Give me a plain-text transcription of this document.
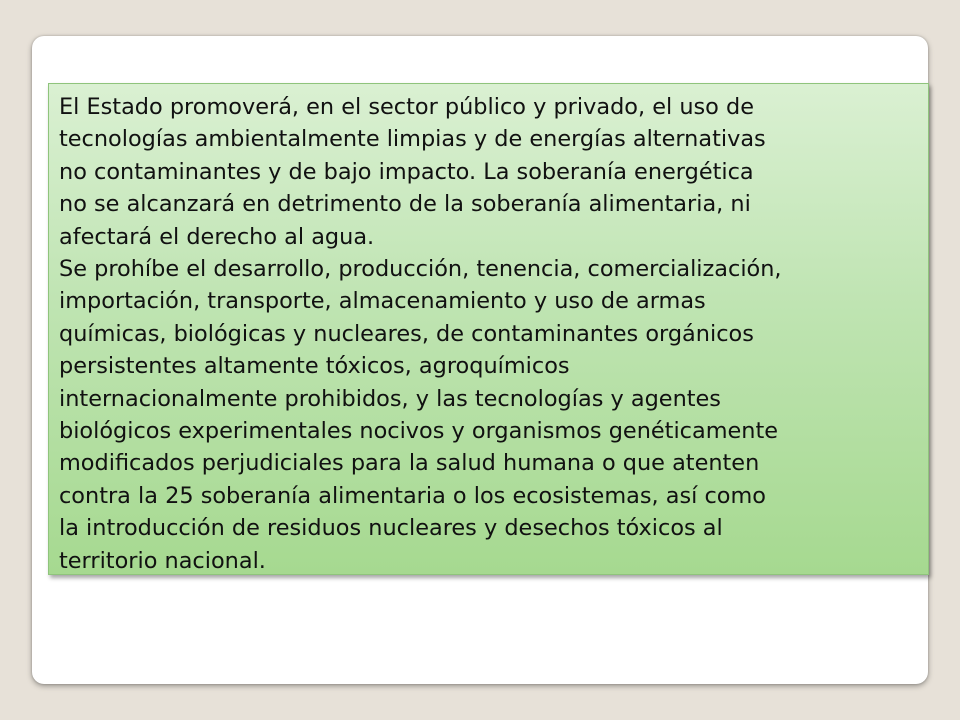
El Estado promoverá, en el sector público y privado, el uso de
tecnologías ambientalmente limpias y de energías alternativas
no contaminantes y de bajo impacto. La soberanía energética
no se alcanzará en detrimento de la soberanía alimentaria, ni
afectará el derecho al agua.

Se prohíbe el desarrollo, producción, tenencia, comercialización,
importación, transporte, almacenamiento y uso de armas
químicas, biológicas y nucleares, de contaminantes orgánicos
persistentes altamente tóxicos, agroquímicos
internacionalmente prohibidos, y las tecnologías y agentes
biológicos experimentales nocivos y organismos genéticamente
modificados perjudiciales para la salud humana o que atenten
contra la 25 soberanía alimentaria o los ecosistemas, así como
la introducción de residuos nucleares y desechos tóxicos al
territorio nacional.
